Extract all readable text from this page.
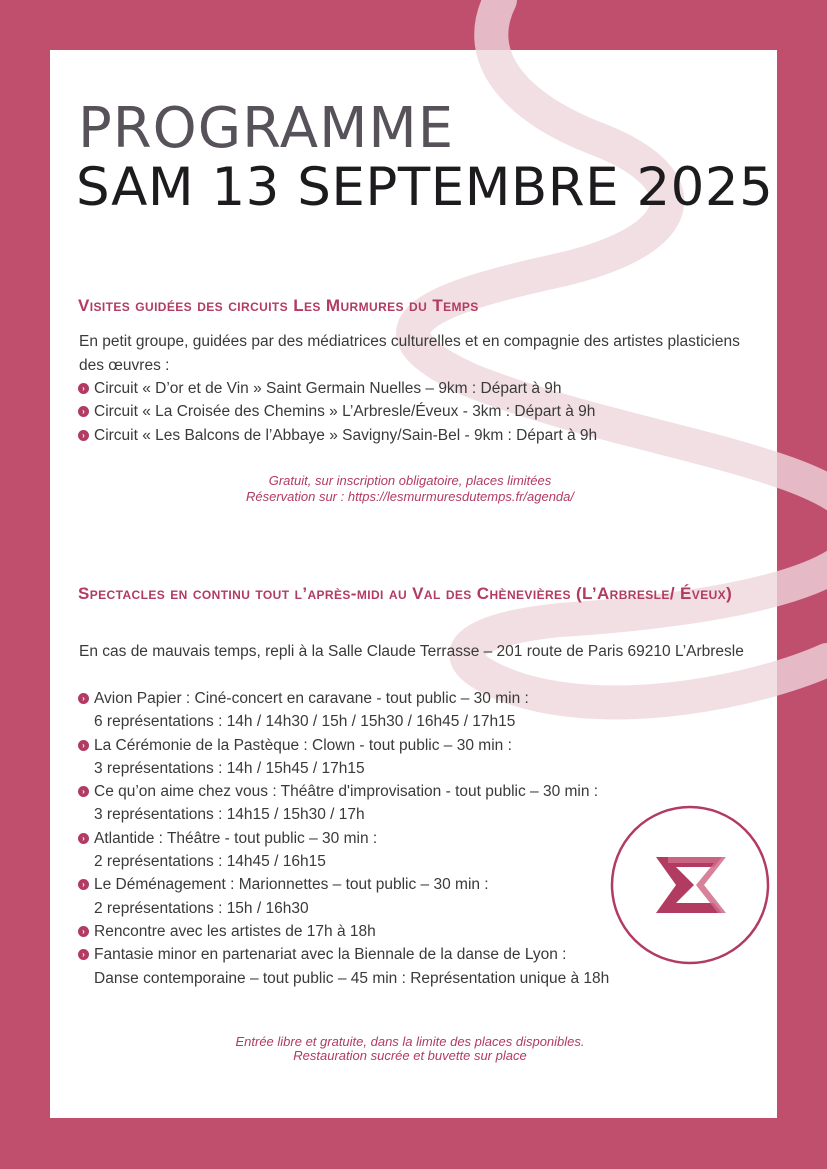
PROGRAMME
SAM 13 SEPTEMBRE 2025
Visites guidées des circuits Les Murmures du Temps
En petit groupe, guidées par des médiatrices culturelles et en compagnie des artistes plasticiens des œuvres :
› Circuit « D’or et de Vin » Saint Germain Nuelles – 9km : Départ à 9h
› Circuit « La Croisée des Chemins » L’Arbresle/Éveux - 3km : Départ à 9h
› Circuit « Les Balcons de l’Abbaye » Savigny/Sain-Bel - 9km : Départ à 9h
Gratuit, sur inscription obligatoire, places limitées
Réservation sur : https://lesmurmuresdutemps.fr/agenda/
Spectacles en continu tout l’après-midi au Val des Chènevières (L’Arbresle/ Éveux)
En cas de mauvais temps, repli à la Salle Claude Terrasse – 201 route de Paris 69210 L’Arbresle
› Avion Papier : Ciné-concert en caravane - tout public – 30 min :
6 représentations : 14h / 14h30 / 15h / 15h30 / 16h45 / 17h15
› La Cérémonie de la Pastèque : Clown - tout public – 30 min :
3 représentations : 14h / 15h45 / 17h15
› Ce qu’on aime chez vous : Théâtre d'improvisation - tout public – 30 min :
3 représentations : 14h15 / 15h30 / 17h
› Atlantide : Théâtre - tout public – 30 min :
2 représentations : 14h45 / 16h15
› Le Déménagement : Marionnettes – tout public – 30 min :
2 représentations : 15h / 16h30
› Rencontre avec les artistes de 17h à 18h
› Fantasie minor en partenariat avec la Biennale de la danse de Lyon :
Danse contemporaine – tout public – 45 min : Représentation unique à 18h
Entrée libre et gratuite, dans la limite des places disponibles.
Restauration sucrée et buvette sur place
